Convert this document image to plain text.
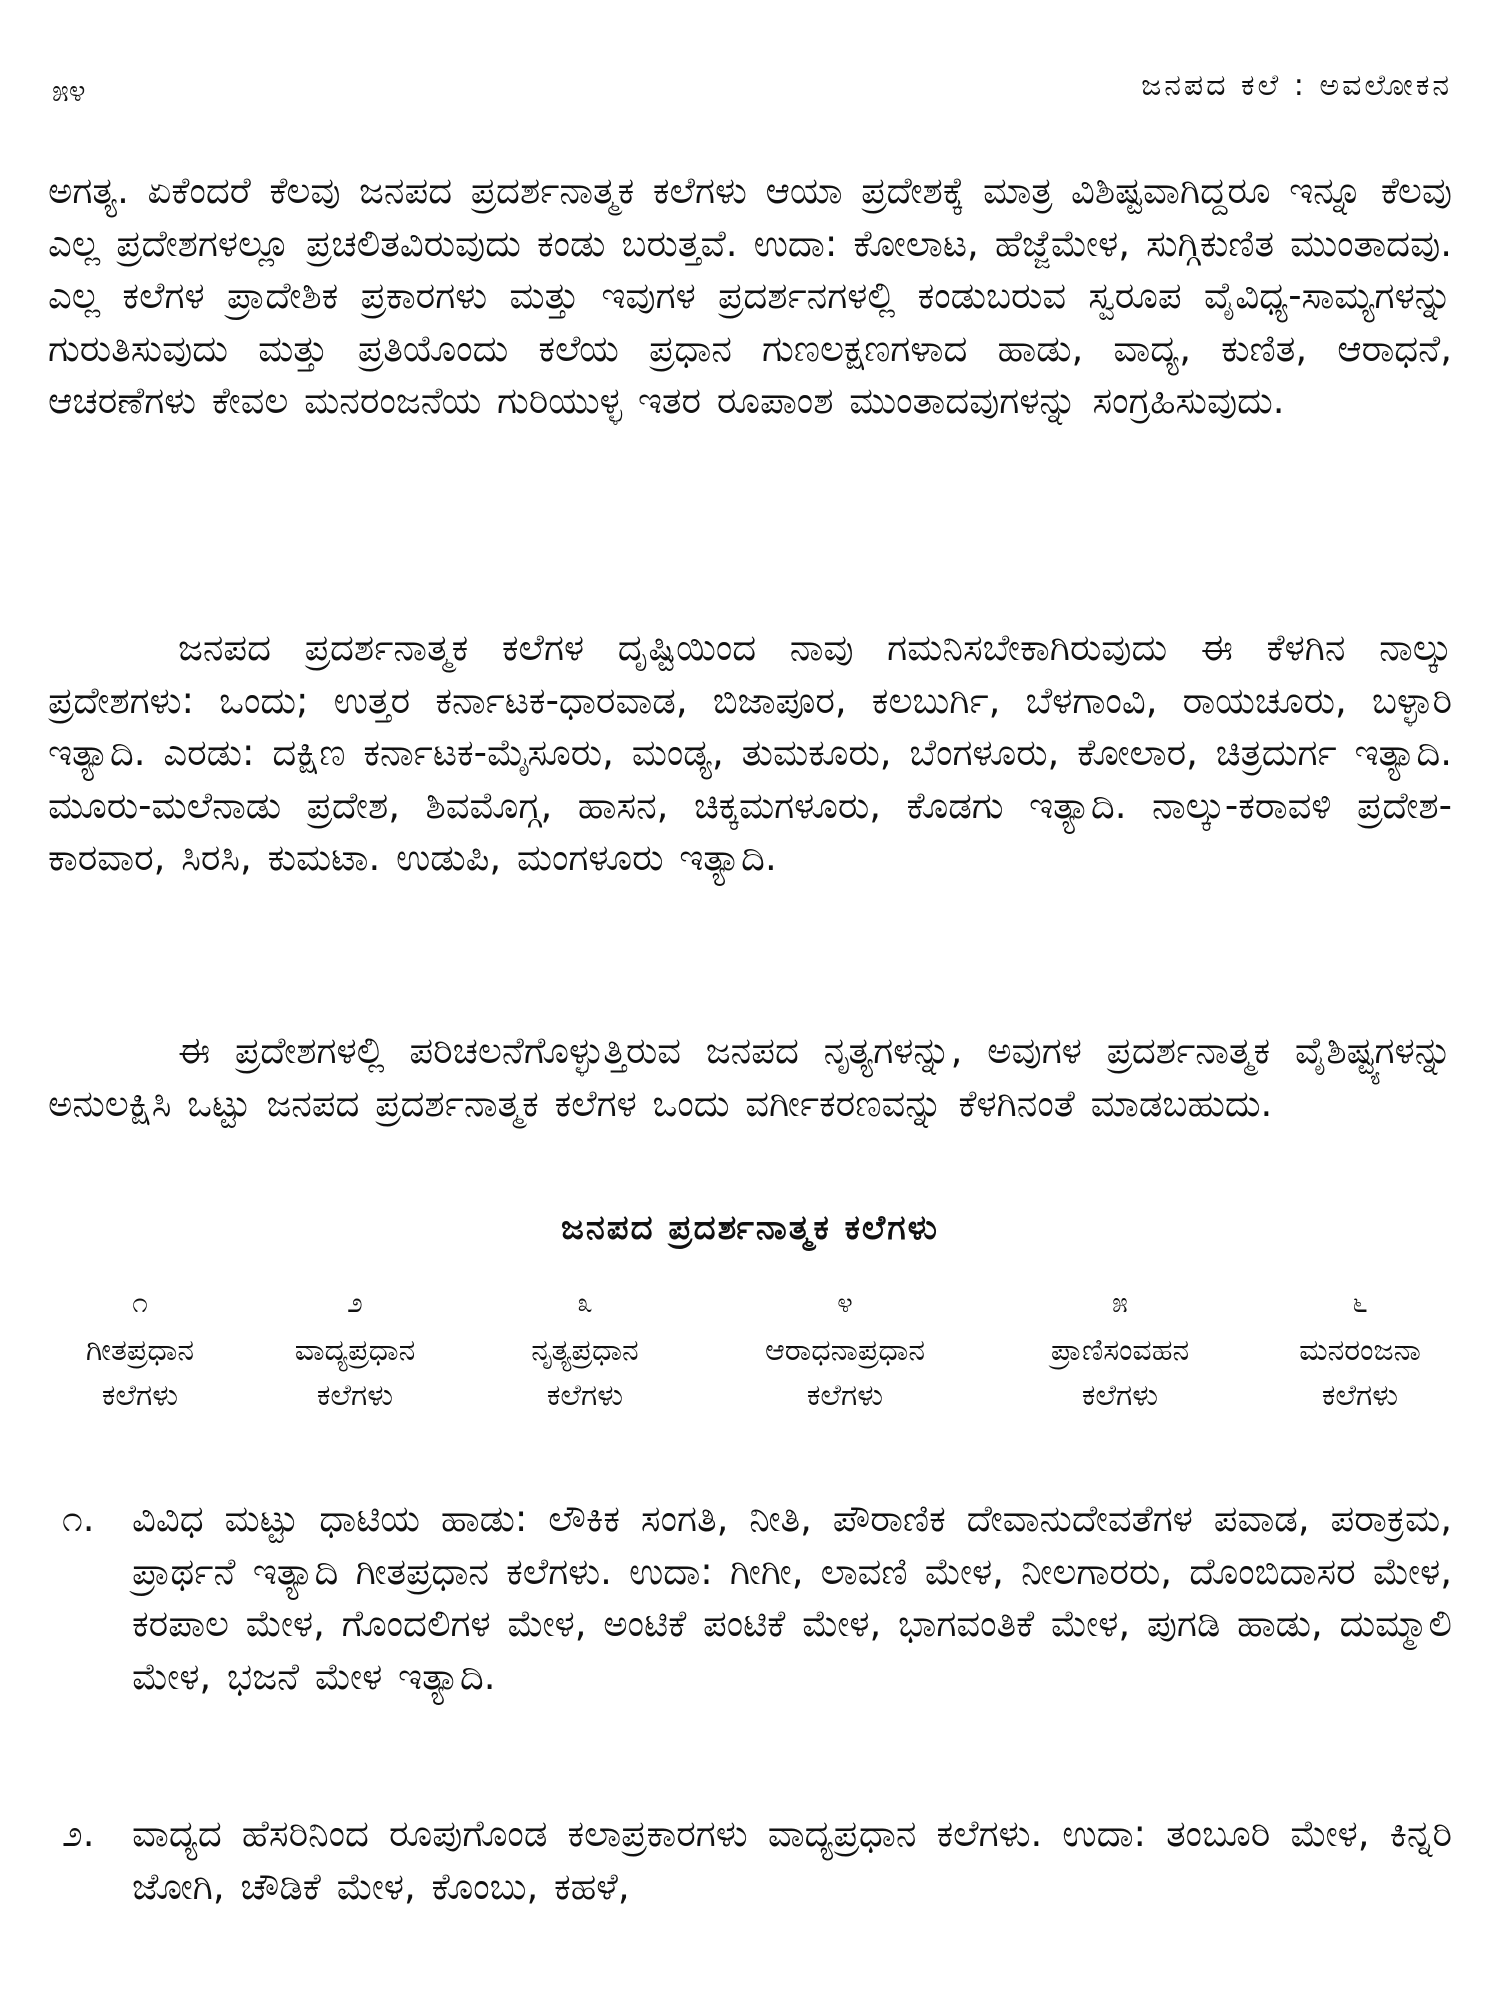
೫೪	ಜನಪದ ಕಲೆ : ಅವಲೋಕನ

ಅಗತ್ಯ. ಏಕೆಂದರೆ ಕೆಲವು ಜನಪದ ಪ್ರದರ್ಶನಾತ್ಮಕ ಕಲೆಗಳು ಆಯಾ ಪ್ರದೇಶಕ್ಕೆ ಮಾತ್ರ ವಿಶಿಷ್ಟವಾಗಿದ್ದರೂ ಇನ್ನೂ ಕೆಲವು ಎಲ್ಲ ಪ್ರದೇಶಗಳಲ್ಲೂ ಪ್ರಚಲಿತವಿರುವುದು ಕಂಡು ಬರುತ್ತವೆ. ಉದಾ: ಕೋಲಾಟ, ಹೆಜ್ಜೆಮೇಳ, ಸುಗ್ಗಿಕುಣಿತ ಮುಂತಾದವು. ಎಲ್ಲ ಕಲೆಗಳ ಪ್ರಾದೇಶಿಕ ಪ್ರಕಾರಗಳು ಮತ್ತು ಇವುಗಳ ಪ್ರದರ್ಶನಗಳಲ್ಲಿ ಕಂಡುಬರುವ ಸ್ವರೂಪ ವೈವಿಧ್ಯ-ಸಾಮ್ಯಗಳನ್ನು ಗುರುತಿಸುವುದು ಮತ್ತು ಪ್ರತಿಯೊಂದು ಕಲೆಯ ಪ್ರಧಾನ ಗುಣಲಕ್ಷಣಗಳಾದ ಹಾಡು, ವಾದ್ಯ, ಕುಣಿತ, ಆರಾಧನೆ, ಆಚರಣೆಗಳು ಕೇವಲ ಮನರಂಜನೆಯ ಗುರಿಯುಳ್ಳ ಇತರ ರೂಪಾಂಶ ಮುಂತಾದವುಗಳನ್ನು ಸಂಗ್ರಹಿಸುವುದು.

ಜನಪದ ಪ್ರದರ್ಶನಾತ್ಮಕ ಕಲೆಗಳ ದೃಷ್ಟಿಯಿಂದ ನಾವು ಗಮನಿಸಬೇಕಾಗಿರುವುದು ಈ ಕೆಳಗಿನ ನಾಲ್ಕು ಪ್ರದೇಶಗಳು: ಒಂದು; ಉತ್ತರ ಕರ್ನಾಟಕ-ಧಾರವಾಡ, ಬಿಜಾಪೂರ, ಕಲಬುರ್ಗಿ, ಬೆಳಗಾಂವಿ, ರಾಯಚೂರು, ಬಳ್ಳಾರಿ ಇತ್ಯಾದಿ. ಎರಡು: ದಕ್ಷಿಣ ಕರ್ನಾಟಕ-ಮೈಸೂರು, ಮಂಡ್ಯ, ತುಮಕೂರು, ಬೆಂಗಳೂರು, ಕೋಲಾರ, ಚಿತ್ರದುರ್ಗ ಇತ್ಯಾದಿ. ಮೂರು-ಮಲೆನಾಡು ಪ್ರದೇಶ, ಶಿವಮೊಗ್ಗ, ಹಾಸನ, ಚಿಕ್ಕಮಗಳೂರು, ಕೊಡಗು ಇತ್ಯಾದಿ. ನಾಲ್ಕು-ಕರಾವಳಿ ಪ್ರದೇಶ-ಕಾರವಾರ, ಸಿರಸಿ, ಕುಮಟಾ. ಉಡುಪಿ, ಮಂಗಳೂರು ಇತ್ಯಾದಿ.

ಈ ಪ್ರದೇಶಗಳಲ್ಲಿ ಪರಿಚಲನೆಗೊಳ್ಳುತ್ತಿರುವ ಜನಪದ ನೃತ್ಯಗಳನ್ನು, ಅವುಗಳ ಪ್ರದರ್ಶನಾತ್ಮಕ ವೈಶಿಷ್ಟ್ಯಗಳನ್ನು ಅನುಲಕ್ಷಿಸಿ ಒಟ್ಟು ಜನಪದ ಪ್ರದರ್ಶನಾತ್ಮಕ ಕಲೆಗಳ ಒಂದು ವರ್ಗೀಕರಣವನ್ನು ಕೆಳಗಿನಂತೆ ಮಾಡಬಹುದು.

ಜನಪದ ಪ್ರದರ್ಶನಾತ್ಮಕ ಕಲೆಗಳು
೧
ಗೀತಪ್ರಧಾನ
ಕಲೆಗಳು
೨
ವಾದ್ಯಪ್ರಧಾನ
ಕಲೆಗಳು
೩
ನೃತ್ಯಪ್ರಧಾನ
ಕಲೆಗಳು
೪
ಆರಾಧನಾಪ್ರಧಾನ
ಕಲೆಗಳು
೫
ಪ್ರಾಣಿಸಂವಹನ
ಕಲೆಗಳು
೬
ಮನರಂಜನಾ
ಕಲೆಗಳು
೧. ವಿವಿಧ ಮಟ್ಟು ಧಾಟಿಯ ಹಾಡು: ಲೌಕಿಕ ಸಂಗತಿ, ನೀತಿ, ಪೌರಾಣಿಕ ದೇವಾನುದೇವತೆಗಳ ಪವಾಡ, ಪರಾಕ್ರಮ, ಪ್ರಾರ್ಥನೆ ಇತ್ಯಾದಿ ಗೀತಪ್ರಧಾನ ಕಲೆಗಳು. ಉದಾ: ಗೀಗೀ, ಲಾವಣಿ ಮೇಳ, ನೀಲಗಾರರು, ದೊಂಬಿದಾಸರ ಮೇಳ, ಕರಪಾಲ ಮೇಳ, ಗೊಂದಲಿಗಳ ಮೇಳ, ಅಂಟಿಕೆ ಪಂಟಿಕೆ ಮೇಳ, ಭಾಗವಂತಿಕೆ ಮೇಳ, ಪುಗಡಿ ಹಾಡು, ದುಮ್ಮಾಲಿ ಮೇಳ, ಭಜನೆ ಮೇಳ ಇತ್ಯಾದಿ.

೨. ವಾದ್ಯದ ಹೆಸರಿನಿಂದ ರೂಪುಗೊಂಡ ಕಲಾಪ್ರಕಾರಗಳು ವಾದ್ಯಪ್ರಧಾನ ಕಲೆಗಳು. ಉದಾ: ತಂಬೂರಿ ಮೇಳ, ಕಿನ್ನರಿ ಜೋಗಿ, ಚೌಡಿಕೆ ಮೇಳ, ಕೊಂಬು, ಕಹಳೆ,
